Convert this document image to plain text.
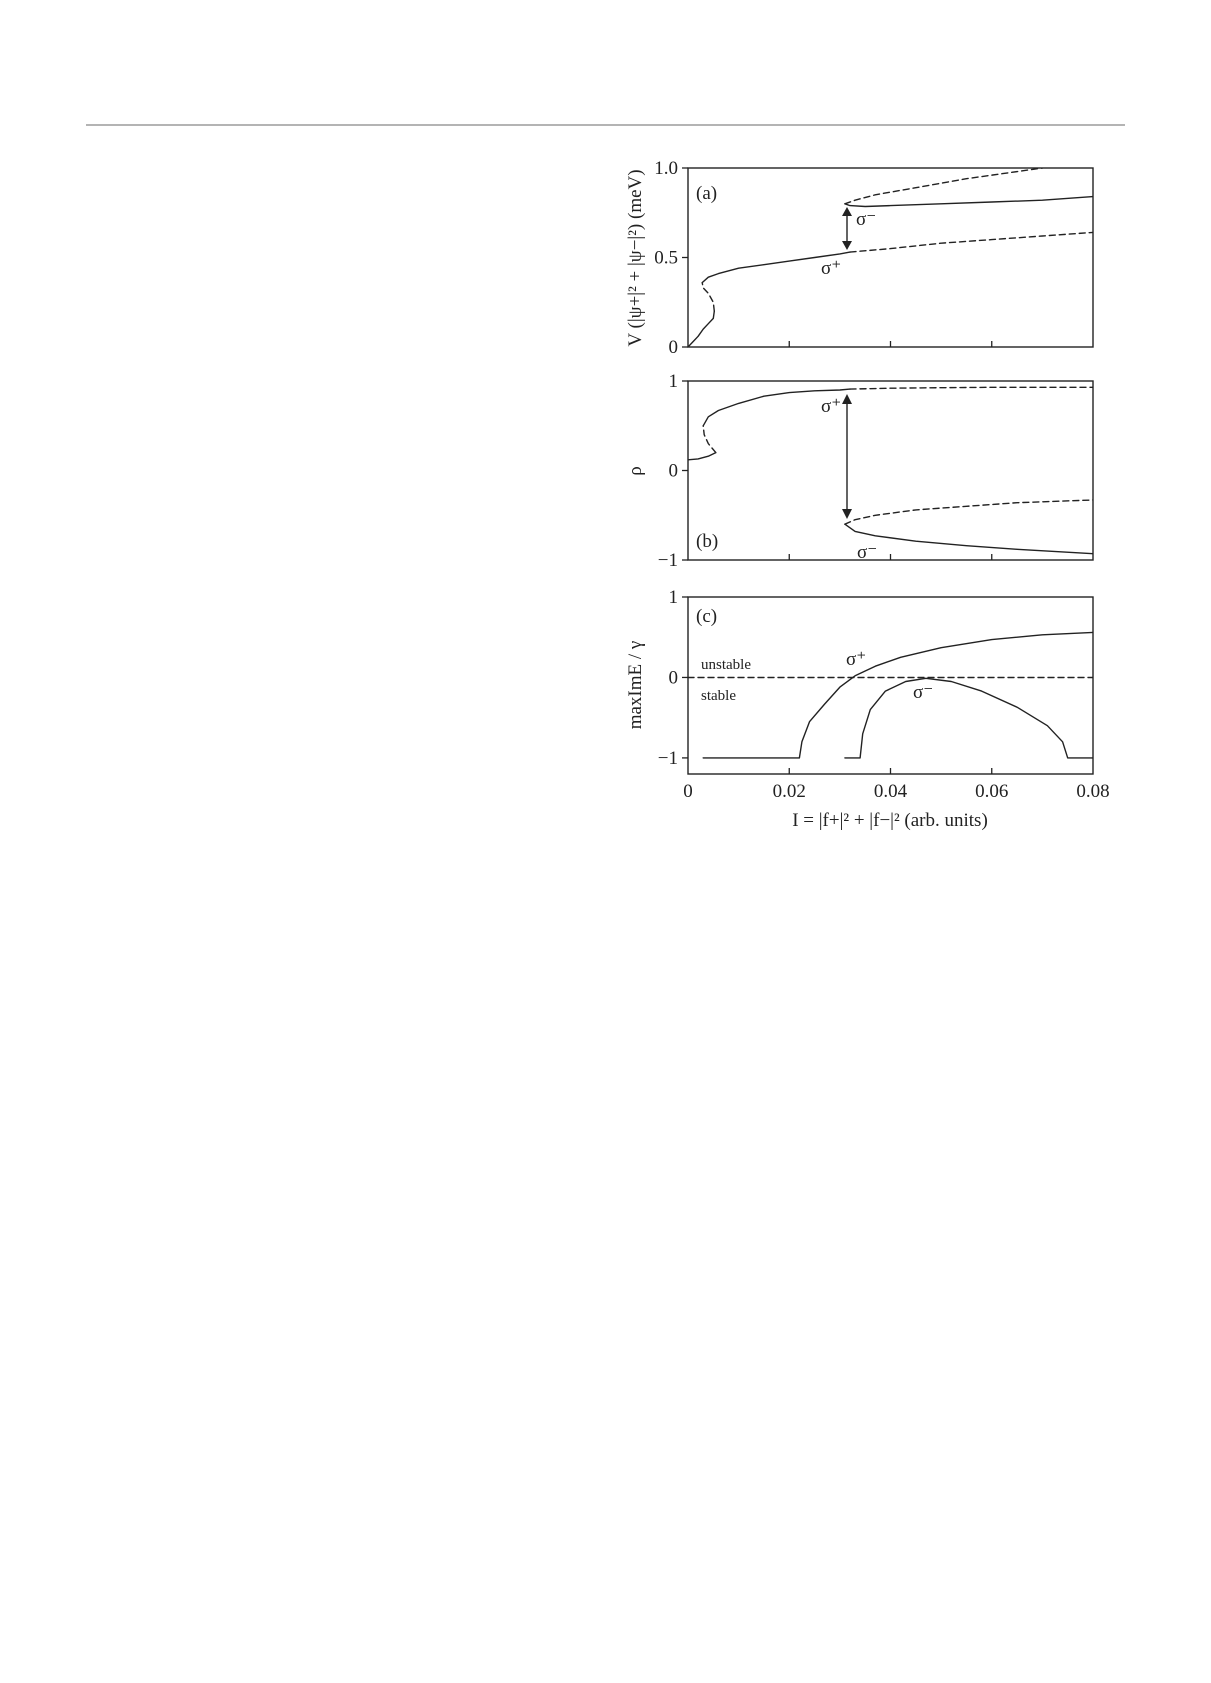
0
0.5
1.0
(a)
σ⁻
σ⁺
V (|ψ+|² + |ψ−|²) (meV)
−1
0
1
(b)
σ⁺
σ⁻
ρ
−1
0
1
0	0.02	0.04	0.06	0.08
(c)
unstable
stable
σ⁺
σ⁻
maxImE / γ
I = |f+|² + |f−|² (arb. units)
